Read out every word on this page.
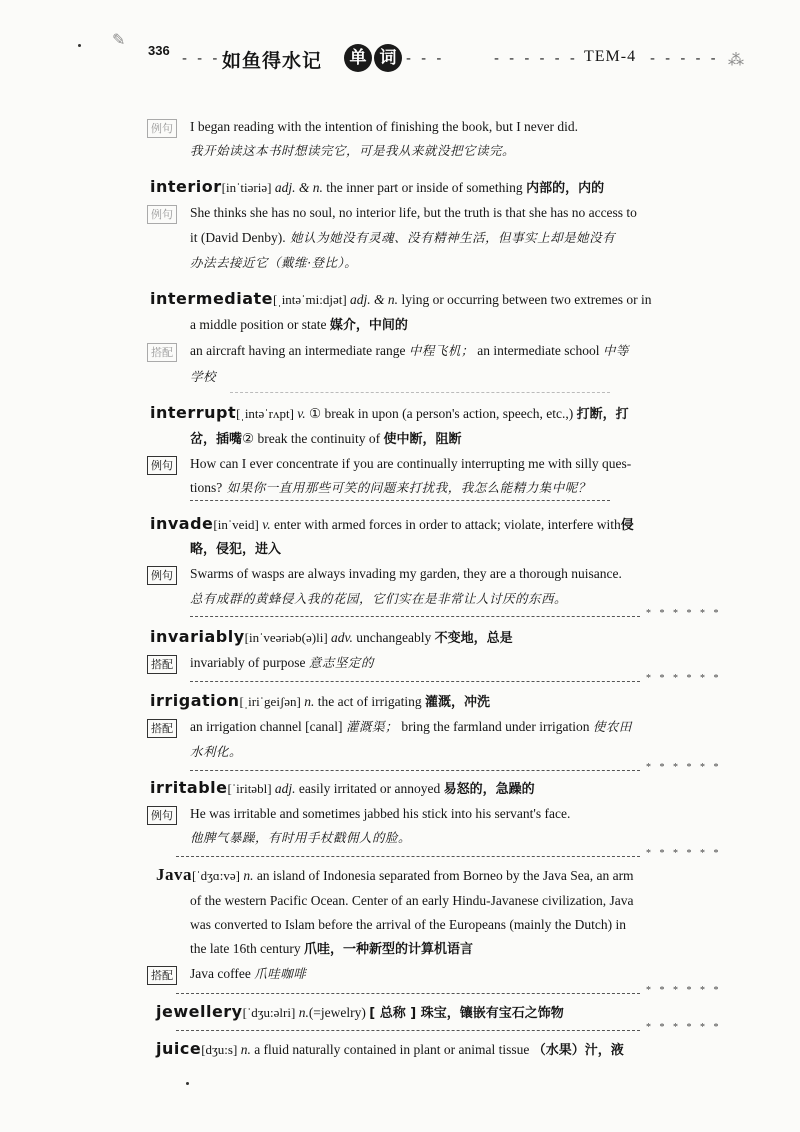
✎
336 - - - 如鱼得水记	单 词 - - -	- - - - - - TEM-4 - - - - - ⁂
例句 I began reading with the intention of finishing the book, but I never did.
我开始读这本书时想读完它，可是我从来就没把它读完。
interior[inˈtiəriə] adj. & n. the inner part or inside of something 内部的，内的
例句 She thinks she has no soul, no interior life, but the truth is that she has no access to
it (David Denby). 她认为她没有灵魂、没有精神生活，但事实上却是她没有
办法去接近它（戴维·登比）。
intermediate[ˌintəˈmi:djət] adj. & n. lying or occurring between two extremes or in
a middle position or state 媒介，中间的
搭配 an aircraft having an intermediate range 中程飞机； an intermediate school 中等
学校
interrupt[ˌintəˈrʌpt] v. ① break in upon (a person's action, speech, etc.,) 打断，打
岔，插嘴② break the continuity of 使中断，阻断
例句 How can I ever concentrate if you are continually interrupting me with silly ques-
tions? 如果你一直用那些可笑的问题来打扰我，我怎么能精力集中呢？
invade[inˈveid] v. enter with armed forces in order to attack; violate, interfere with侵
略，侵犯，进入
例句 Swarms of wasps are always invading my garden, they are a thorough nuisance.
总有成群的黄蜂侵入我的花园，它们实在是非常让人讨厌的东西。
* * * * * *
invariably[inˈveəriəb(ə)li] adv. unchangeably 不变地，总是
搭配 invariably of purpose 意志坚定的
* * * * * *
irrigation[ˌiriˈgeiʃən] n. the act of irrigating 灌溉，冲洗
搭配 an irrigation channel [canal] 灌溉渠； bring the farmland under irrigation 使农田
水利化。
* * * * * *
irritable[ˈiritəbl] adj. easily irritated or annoyed 易怒的，急躁的
例句 He was irritable and sometimes jabbed his stick into his servant's face.
他脾气暴躁，有时用手杖戳佣人的脸。
* * * * * *
Java[ˈdʒɑ:və] n. an island of Indonesia separated from Borneo by the Java Sea, an arm
of the western Pacific Ocean. Center of an early Hindu-Javanese civilization, Java
was converted to Islam before the arrival of the Europeans (mainly the Dutch) in
the late 16th century 爪哇，一种新型的计算机语言
搭配 Java coffee 爪哇咖啡
* * * * * *
jewellery[ˈdʒu:əlri] n.(=jewelry) [ 总称 ] 珠宝，镶嵌有宝石之饰物
* * * * * *
juice[dʒu:s] n. a fluid naturally contained in plant or animal tissue （水果）汁，液
